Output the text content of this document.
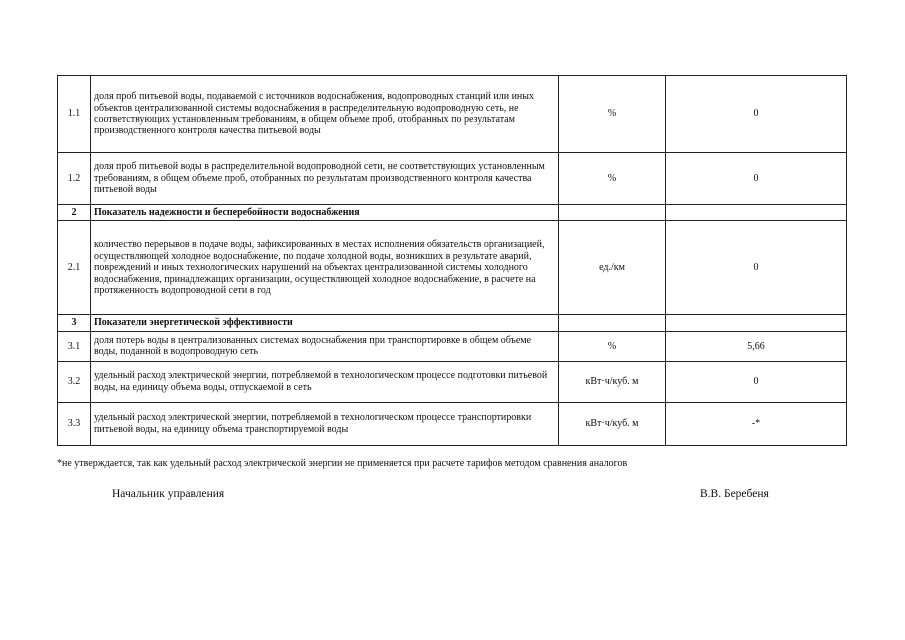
1.1	доля проб питьевой воды, подаваемой с источников водоснабжения, водопроводных станций или иных объектов централизованной системы водоснабжения в распределительную водопроводную сеть, не соответствующих установленным требованиям, в общем объеме проб, отобранных по результатам производственного контроля качества питьевой воды	%	0
1.2	доля проб питьевой воды в распределительной водопроводной сети, не соответствующих установленным требованиям, в общем объеме проб, отобранных по результатам производственного контроля качества питьевой воды	%	0
2	Показатель надежности и бесперебойности водоснабжения		
2.1	количество перерывов в подаче воды, зафиксированных в местах исполнения обязательств организацией, осуществляющей холодное водоснабжение, по подаче холодной воды, возникших в результате аварий, повреждений и иных технологических нарушений на объектах централизованной системы холодного водоснабжения, принадлежащих организации, осуществляющей холодное водоснабжение, в расчете на протяженность водопроводной сети в год	ед./км	0
3	Показатели энергетической эффективности		
3.1	доля потерь воды в централизованных системах водоснабжения при транспортировке в общем объеме воды, поданной в водопроводную сеть	%	5,66
3.2	удельный расход электрической энергии, потребляемой в технологическом процессе подготовки питьевой воды, на единицу объема воды, отпускаемой в сеть	кВт·ч/куб. м	0
3.3	удельный расход электрической энергии, потребляемой в технологическом процессе транспортировки питьевой воды, на единицу объема транспортируемой воды	кВт·ч/куб. м	-*
*не утверждается, так как удельный расход электрической энергии не применяется при расчете тарифов методом сравнения аналогов
Начальник управления	В.В. Беребеня
